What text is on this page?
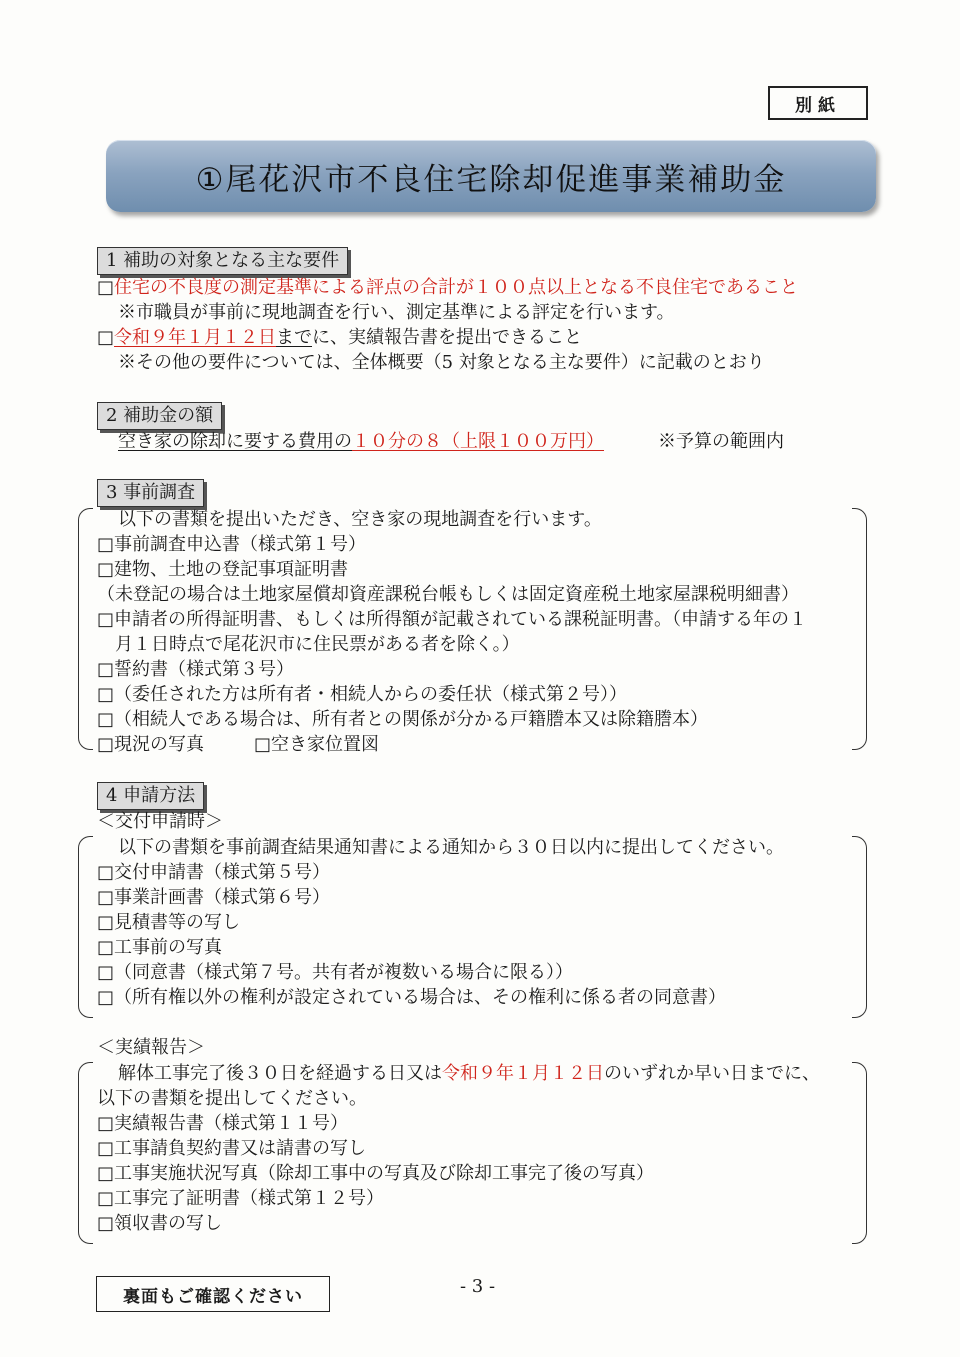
別紙
①尾花沢市不良住宅除却促進事業補助金
1 補助の対象となる主な要件
□住宅の不良度の測定基準による評点の合計が１００点以上となる不良住宅であること
※市職員が事前に現地調査を行い、測定基準による評定を行います。
□令和９年１月１２日までに、実績報告書を提出できること
※その他の要件については、全体概要（5 対象となる主な要件）に記載のとおり
2 補助金の額
空き家の除却に要する費用の１０分の８（上限１００万円）	※予算の範囲内
3 事前調査
以下の書類を提出いただき、空き家の現地調査を行います。
□事前調査申込書（様式第１号）
□建物、土地の登記事項証明書
（未登記の場合は土地家屋償却資産課税台帳もしくは固定資産税土地家屋課税明細書）
□申請者の所得証明書、もしくは所得額が記載されている課税証明書。（申請する年の１
　月１日時点で尾花沢市に住民票がある者を除く。）
□誓約書（様式第３号）
□（委任された方は所有者・相続人からの委任状（様式第２号））
□（相続人である場合は、所有者との関係が分かる戸籍謄本又は除籍謄本）
□現況の写真	□空き家位置図
4 申請方法
＜交付申請時＞
以下の書類を事前調査結果通知書による通知から３０日以内に提出してください。
□交付申請書（様式第５号）
□事業計画書（様式第６号）
□見積書等の写し
□工事前の写真
□（同意書（様式第７号。共有者が複数いる場合に限る））
□（所有権以外の権利が設定されている場合は、その権利に係る者の同意書）
＜実績報告＞
解体工事完了後３０日を経過する日又は令和９年１月１２日のいずれか早い日までに、
以下の書類を提出してください。
□実績報告書（様式第１１号）
□工事請負契約書又は請書の写し
□工事実施状況写真（除却工事中の写真及び除却工事完了後の写真）
□工事完了証明書（様式第１２号）
□領収書の写し
裏面もご確認ください	- 3 -
